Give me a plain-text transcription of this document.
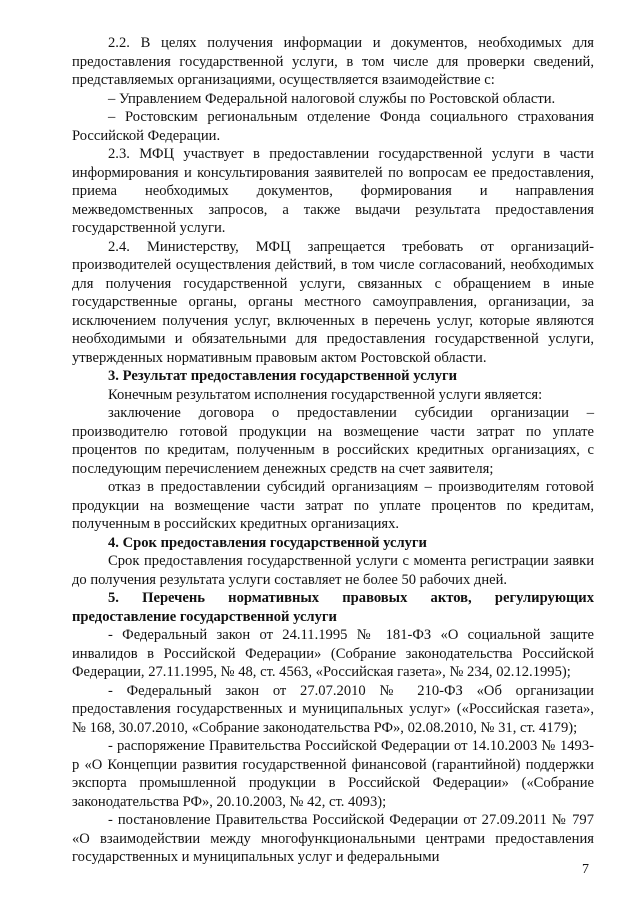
2.2. В целях получения информации и документов, необходимых для предоставления государственной услуги, в том числе для проверки сведений, представляемых организациями, осуществляется взаимодействие с:

– Управлением Федеральной налоговой службы по Ростовской области.

– Ростовским региональным отделение Фонда социального страхования Российской Федерации.

2.3. МФЦ участвует в предоставлении государственной услуги в части информирования и консультирования заявителей по вопросам ее предоставления, приема необходимых документов, формирования и направления межведомственных запросов, а также выдачи результата предоставления государственной услуги.

2.4. Министерству, МФЦ запрещается требовать от организаций-производителей осуществления действий, в том числе согласований, необходимых для получения государственной услуги, связанных с обращением в иные государственные органы, органы местного самоуправления, организации, за исключением получения услуг, включенных в перечень услуг, которые являются необходимыми и обязательными для предоставления государственной услуги, утвержденных нормативным правовым актом Ростовской области.

3. Результат предоставления государственной услуги

Конечным результатом исполнения государственной услуги является:

заключение договора о предоставлении субсидии организации – производителю готовой продукции на возмещение части затрат по уплате процентов по кредитам, полученным в российских кредитных организациях, с последующим перечислением денежных средств на счет заявителя;

отказ в предоставлении субсидий организациям – производителям готовой продукции на возмещение части затрат по уплате процентов по кредитам, полученным в российских кредитных организациях.

4. Срок предоставления государственной услуги

Срок предоставления государственной услуги с момента регистрации заявки до получения результата услуги составляет не более 50 рабочих дней.

5. Перечень нормативных правовых актов, регулирующих предоставление государственной услуги

- Федеральный закон от 24.11.1995 № 181-ФЗ «О социальной защите инвалидов в Российской Федерации» (Собрание законодательства Российской Федерации, 27.11.1995, № 48, ст. 4563, «Российская газета», № 234, 02.12.1995);

- Федеральный закон от 27.07.2010 № 210-ФЗ «Об организации предоставления государственных и муниципальных услуг» («Российская газета», № 168, 30.07.2010, «Собрание законодательства РФ», 02.08.2010, № 31, ст. 4179);

- распоряжение Правительства Российской Федерации от 14.10.2003 № 1493-р «О Концепции развития государственной финансовой (гарантийной) поддержки экспорта промышленной продукции в Российской Федерации» («Собрание законодательства РФ», 20.10.2003, № 42, ст. 4093);

- постановление Правительства Российской Федерации от 27.09.2011 № 797 «О взаимодействии между многофункциональными центрами предоставления государственных и муниципальных услуг и федеральными

7
